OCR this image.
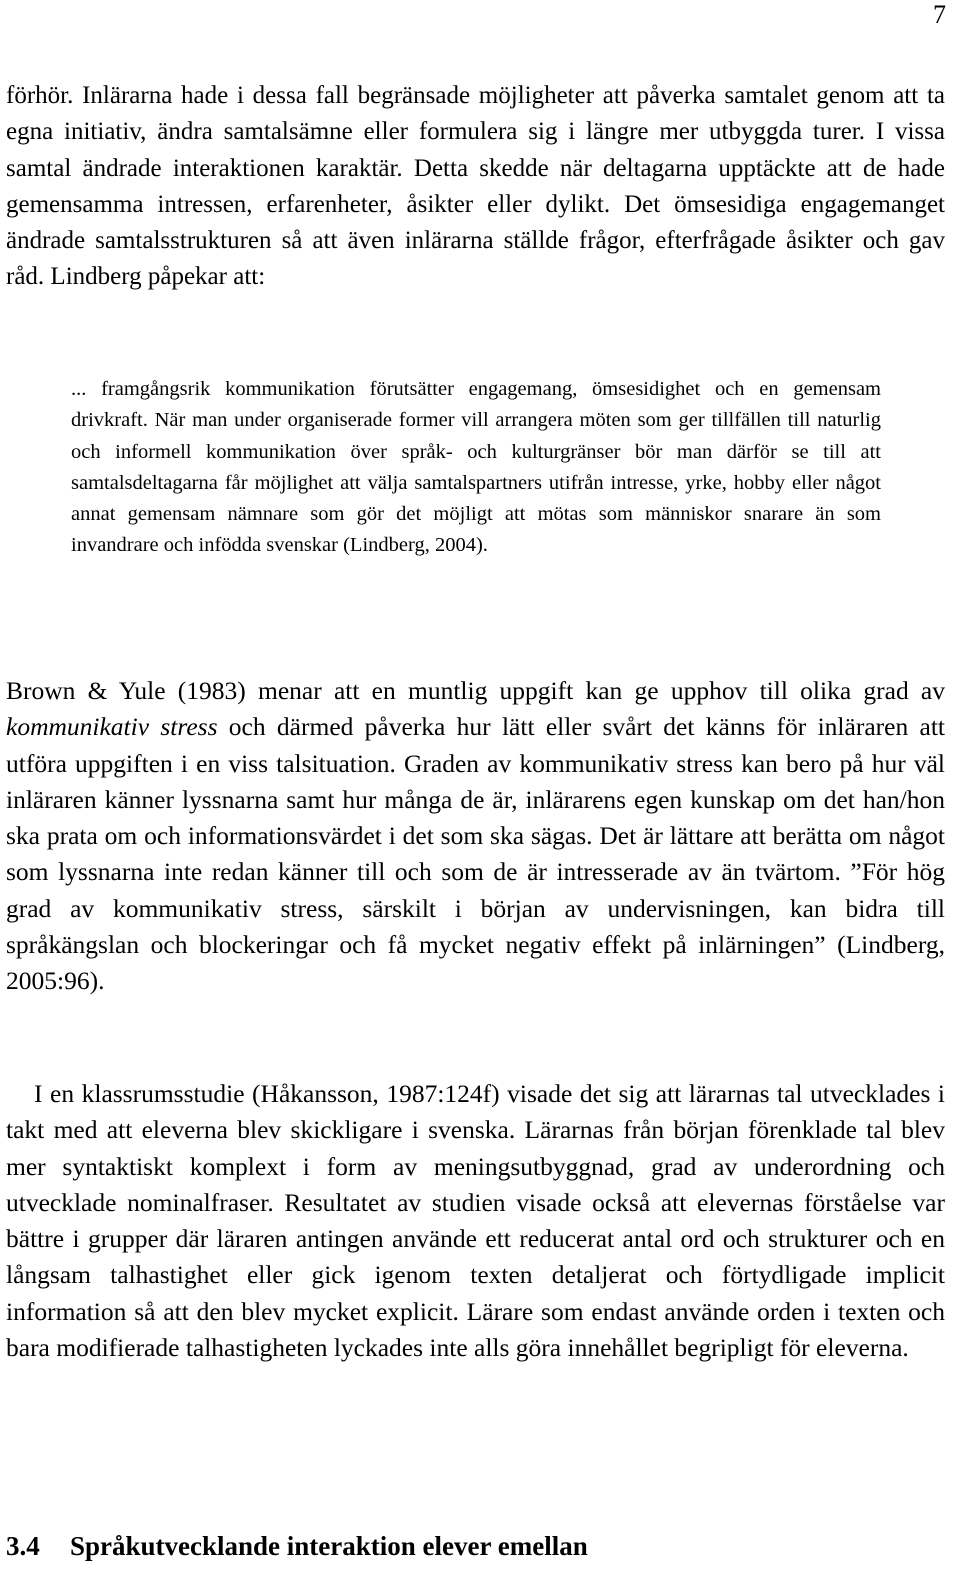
7

förhör. Inlärarna hade i dessa fall begränsade möjligheter att påverka samtalet genom att ta egna initiativ, ändra samtalsämne eller formulera sig i längre mer utbyggda turer. I vissa samtal ändrade interaktionen karaktär. Detta skedde när deltagarna upptäckte att de hade gemensamma intressen, erfarenheter, åsikter eller dylikt. Det ömsesidiga engagemanget ändrade samtalsstrukturen så att även inlärarna ställde frågor, efterfrågade åsikter och gav råd. Lindberg påpekar att:

... framgångsrik kommunikation förutsätter engagemang, ömsesidighet och en gemensam drivkraft. När man under organiserade former vill arrangera möten som ger tillfällen till naturlig och informell kommunikation över språk- och kulturgränser bör man därför se till att samtalsdeltagarna får möjlighet att välja samtalspartners utifrån intresse, yrke, hobby eller något annat gemensam nämnare som gör det möjligt att mötas som människor snarare än som invandrare och infödda svenskar (Lindberg, 2004).

Brown & Yule (1983) menar att en muntlig uppgift kan ge upphov till olika grad av kommunikativ stress och därmed påverka hur lätt eller svårt det känns för inläraren att utföra uppgiften i en viss talsituation. Graden av kommunikativ stress kan bero på hur väl inläraren känner lyssnarna samt hur många de är, inlärarens egen kunskap om det han/hon ska prata om och informationsvärdet i det som ska sägas. Det är lättare att berätta om något som lyssnarna inte redan känner till och som de är intresserade av än tvärtom. ”För hög grad av kommunikativ stress, särskilt i början av undervisningen, kan bidra till språkängslan och blockeringar och få mycket negativ effekt på inlärningen” (Lindberg, 2005:96).

I en klassrumsstudie (Håkansson, 1987:124f) visade det sig att lärarnas tal utvecklades i takt med att eleverna blev skickligare i svenska. Lärarnas från början förenklade tal blev mer syntaktiskt komplext i form av meningsutbyggnad, grad av underordning och utvecklade nominalfraser. Resultatet av studien visade också att elevernas förståelse var bättre i grupper där läraren antingen använde ett reducerat antal ord och strukturer och en långsam talhastighet eller gick igenom texten detaljerat och förtydligade implicit information så att den blev mycket explicit. Lärare som endast använde orden i texten och bara modifierade talhastigheten lyckades inte alls göra innehållet begripligt för eleverna.

3.4 Språkutvecklande interaktion elever emellan
